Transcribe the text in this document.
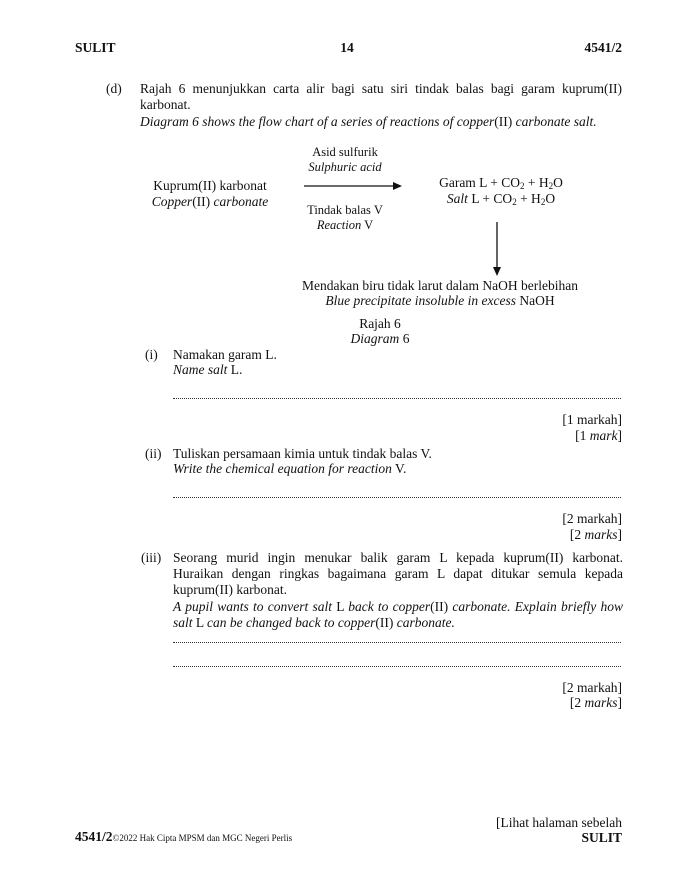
SULIT	14	4541/2
(d) Rajah 6 menunjukkan carta alir bagi satu siri tindak balas bagi garam kuprum(II) karbonat.
Diagram 6 shows the flow chart of a series of reactions of copper(II) carbonate salt.
Kuprum(II) karbonat
Copper(II) carbonate
Asid sulfurik
Sulphuric acid
Tindak balas V
Reaction V
Garam $L + CO_2 + H_2O$
Salt $L + CO_2 + H_2O$
Mendakan biru tidak larut dalam NaOH berlebihan
Blue precipitate insoluble in excess NaOH
Rajah 6
Diagram 6
(i) Namakan garam L.
Name salt L.
[1 markah]
[1 mark]
(ii) Tuliskan persamaan kimia untuk tindak balas V.
Write the chemical equation for reaction V.
[2 markah]
[2 marks]
(iii) Seorang murid ingin menukar balik garam L kepada kuprum(II) karbonat. Huraikan dengan ringkas bagaimana garam L dapat ditukar semula kepada kuprum(II) karbonat.
A pupil wants to convert salt L back to copper(II) carbonate. Explain briefly how salt L can be changed back to copper(II) carbonate.
[2 markah]
[2 marks]
4541/2©2022 Hak Cipta MPSM dan MGC Negeri Perlis
[Lihat halaman sebelah
SULIT
